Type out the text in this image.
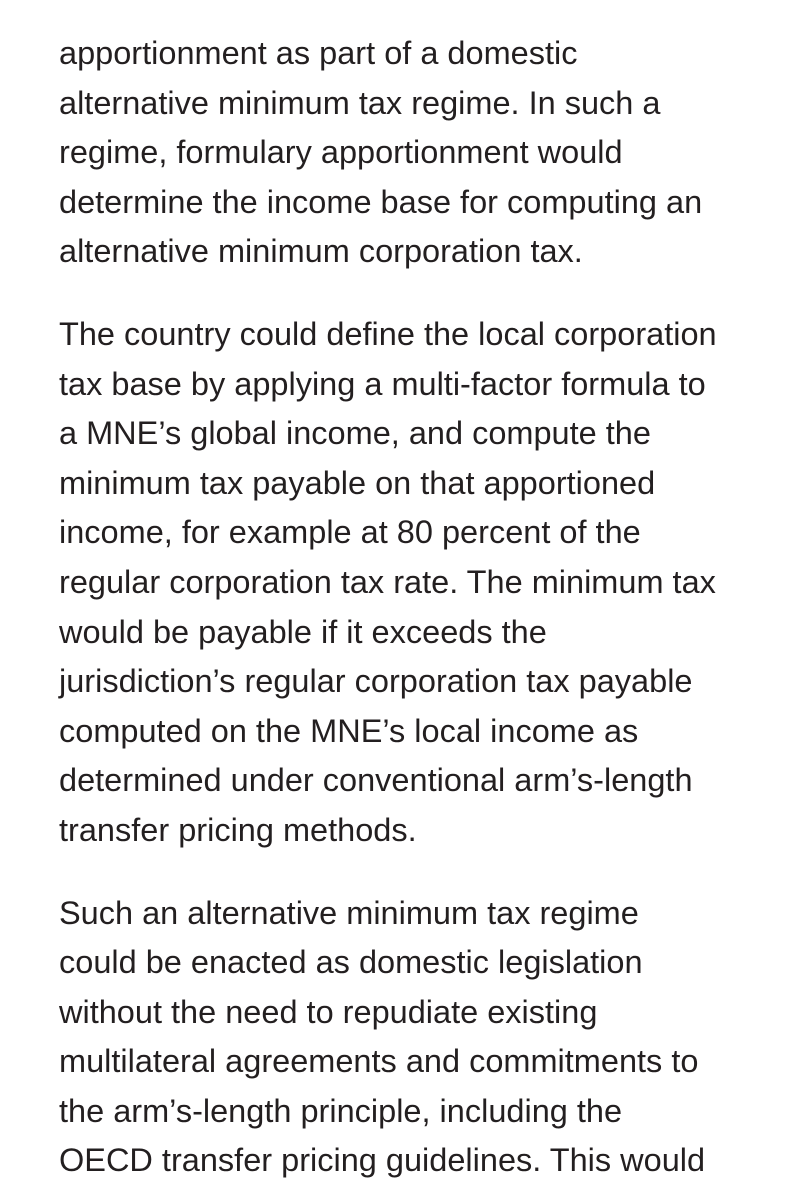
apportionment as part of a domestic
alternative minimum tax regime. In such a
regime, formulary apportionment would
determine the income base for computing an
alternative minimum corporation tax.

The country could define the local corporation
tax base by applying a multi-factor formula to
a MNE’s global income, and compute the
minimum tax payable on that apportioned
income, for example at 80 percent of the
regular corporation tax rate. The minimum tax
would be payable if it exceeds the
jurisdiction’s regular corporation tax payable
computed on the MNE’s local income as
determined under conventional arm’s-length
transfer pricing methods.

Such an alternative minimum tax regime
could be enacted as domestic legislation
without the need to repudiate existing
multilateral agreements and commitments to
the arm’s-length principle, including the
OECD transfer pricing guidelines. This would
